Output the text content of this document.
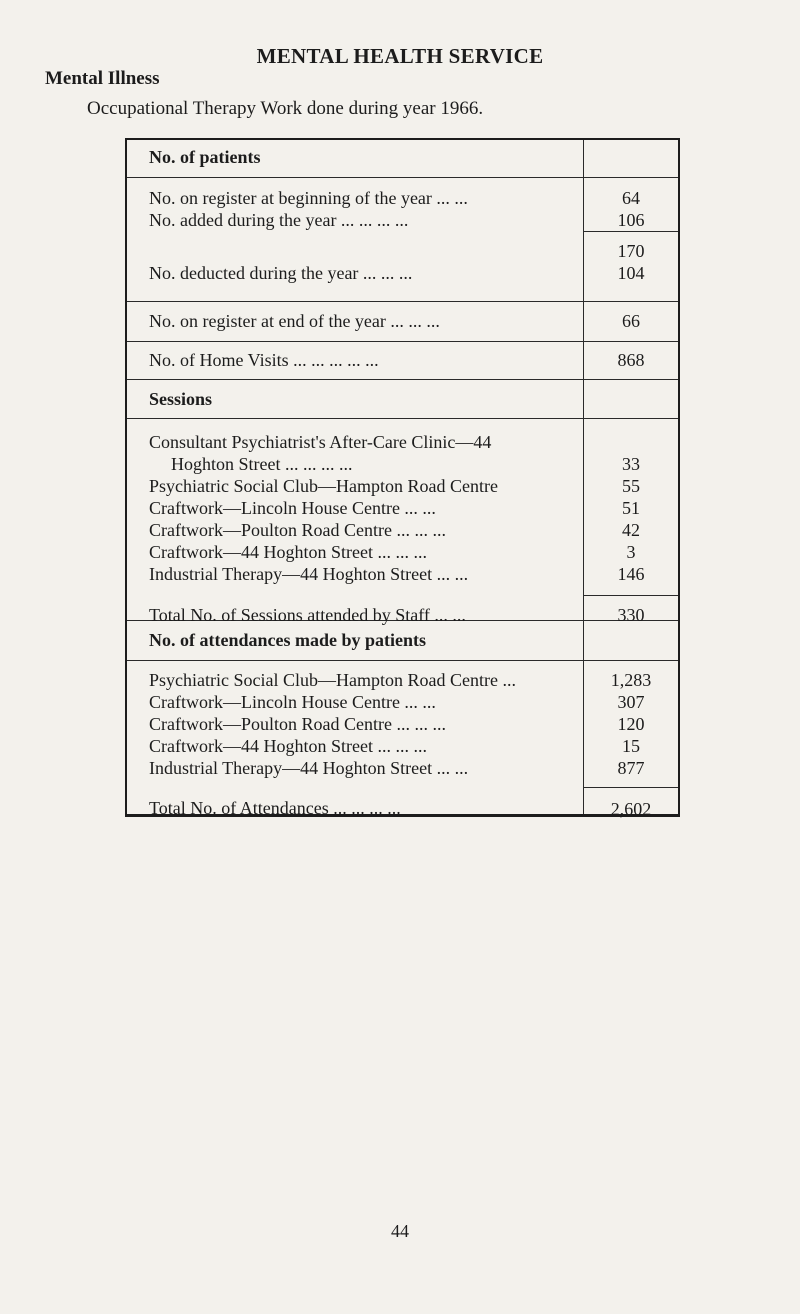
MENTAL HEALTH SERVICE
Mental Illness
Occupational Therapy Work done during year 1966.
No. of patients
No. on register at beginning of the year ... ...
No. added during the year ... ... ... ...
No. deducted during the year ... ... ...
64
106
170
104
No. on register at end of the year ... ... ...	66
No. of Home Visits ... ... ... ... ...	868
Sessions
Consultant Psychiatrist's After-Care Clinic—44
Hoghton Street ... ... ... ...
Psychiatric Social Club—Hampton Road Centre
Craftwork—Lincoln House Centre ... ...
Craftwork—Poulton Road Centre ... ... ...
Craftwork—44 Hoghton Street ... ... ...
Industrial Therapy—44 Hoghton Street ... ...
Total No. of Sessions attended by Staff ... ...
33
55
51
42
3
146
330
No. of attendances made by patients
Psychiatric Social Club—Hampton Road Centre ...
Craftwork—Lincoln House Centre ... ...
Craftwork—Poulton Road Centre ... ... ...
Craftwork—44 Hoghton Street ... ... ...
Industrial Therapy—44 Hoghton Street ... ...
Total No. of Attendances ... ... ... ...
1,283
307
120
15
877
2,602
44
